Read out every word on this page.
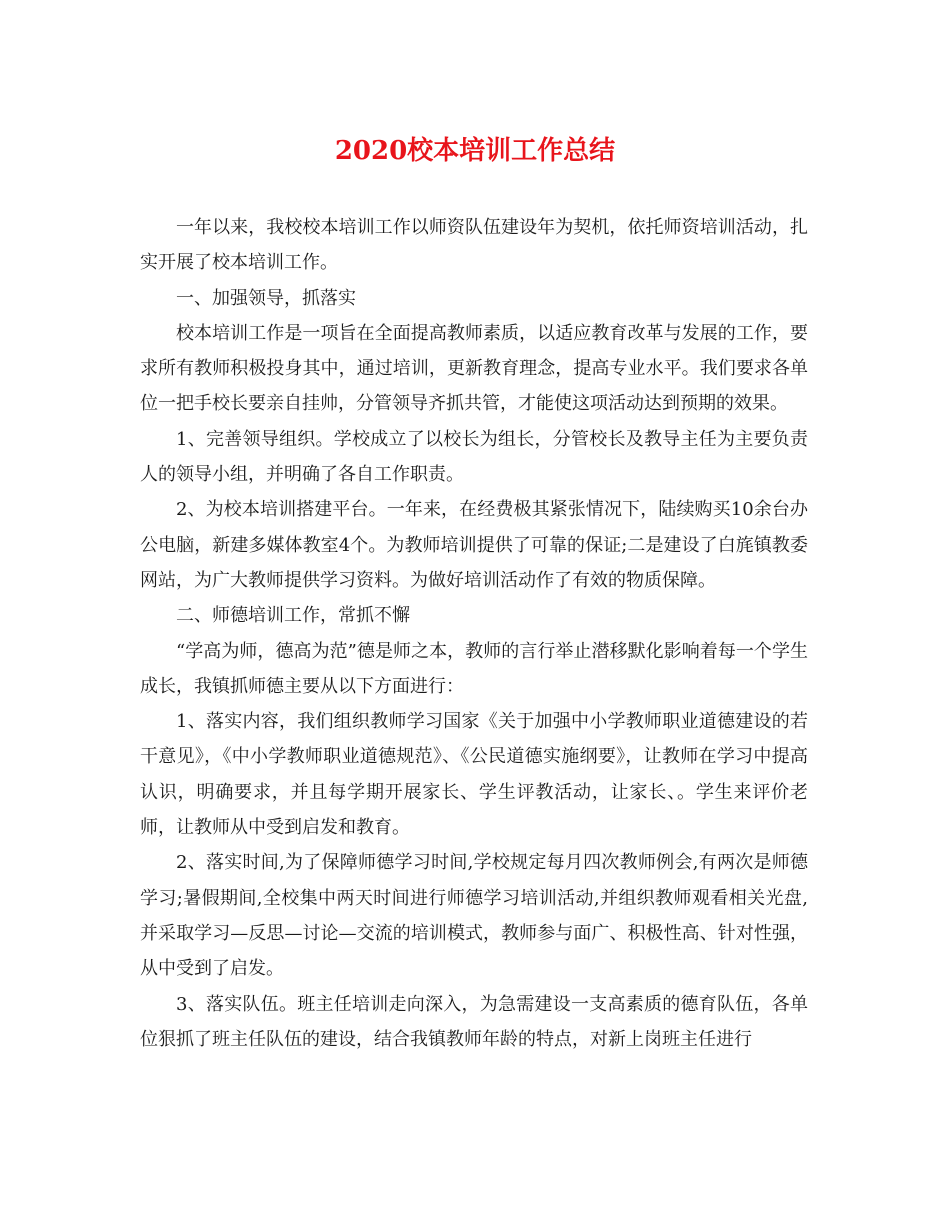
2020校本培训工作总结

一年以来，我校校本培训工作以师资队伍建设年为契机，依托师资培训活动，扎实开展了校本培训工作。

一、加强领导，抓落实

校本培训工作是一项旨在全面提高教师素质，以适应教育改革与发展的工作，要求所有教师积极投身其中，通过培训，更新教育理念，提高专业水平。我们要求各单位一把手校长要亲自挂帅，分管领导齐抓共管，才能使这项活动达到预期的效果。

1、完善领导组织。学校成立了以校长为组长，分管校长及教导主任为主要负责人的领导小组，并明确了各自工作职责。

2、为校本培训搭建平台。一年来，在经费极其紧张情况下，陆续购买10余台办公电脑，新建多媒体教室4个。为教师培训提供了可靠的保证;二是建设了白旄镇教委网站，为广大教师提供学习资料。为做好培训活动作了有效的物质保障。

二、师德培训工作，常抓不懈

“学高为师，德高为范”德是师之本，教师的言行举止潜移默化影响着每一个学生成长，我镇抓师德主要从以下方面进行：

1、落实内容，我们组织教师学习国家《关于加强中小学教师职业道德建设的若干意见》，《中小学教师职业道德规范》、《公民道德实施纲要》，让教师在学习中提高认识，明确要求，并且每学期开展家长、学生评教活动，让家长、。学生来评价老师，让教师从中受到启发和教育。

2、落实时间,为了保障师德学习时间,学校规定每月四次教师例会,有两次是师德学习;暑假期间,全校集中两天时间进行师德学习培训活动,并组织教师观看相关光盘,并采取学习—反思—讨论—交流的培训模式，教师参与面广、积极性高、针对性强，从中受到了启发。

3、落实队伍。班主任培训走向深入，为急需建设一支高素质的德育队伍，各单位狠抓了班主任队伍的建设，结合我镇教师年龄的特点，对新上岗班主任进行
